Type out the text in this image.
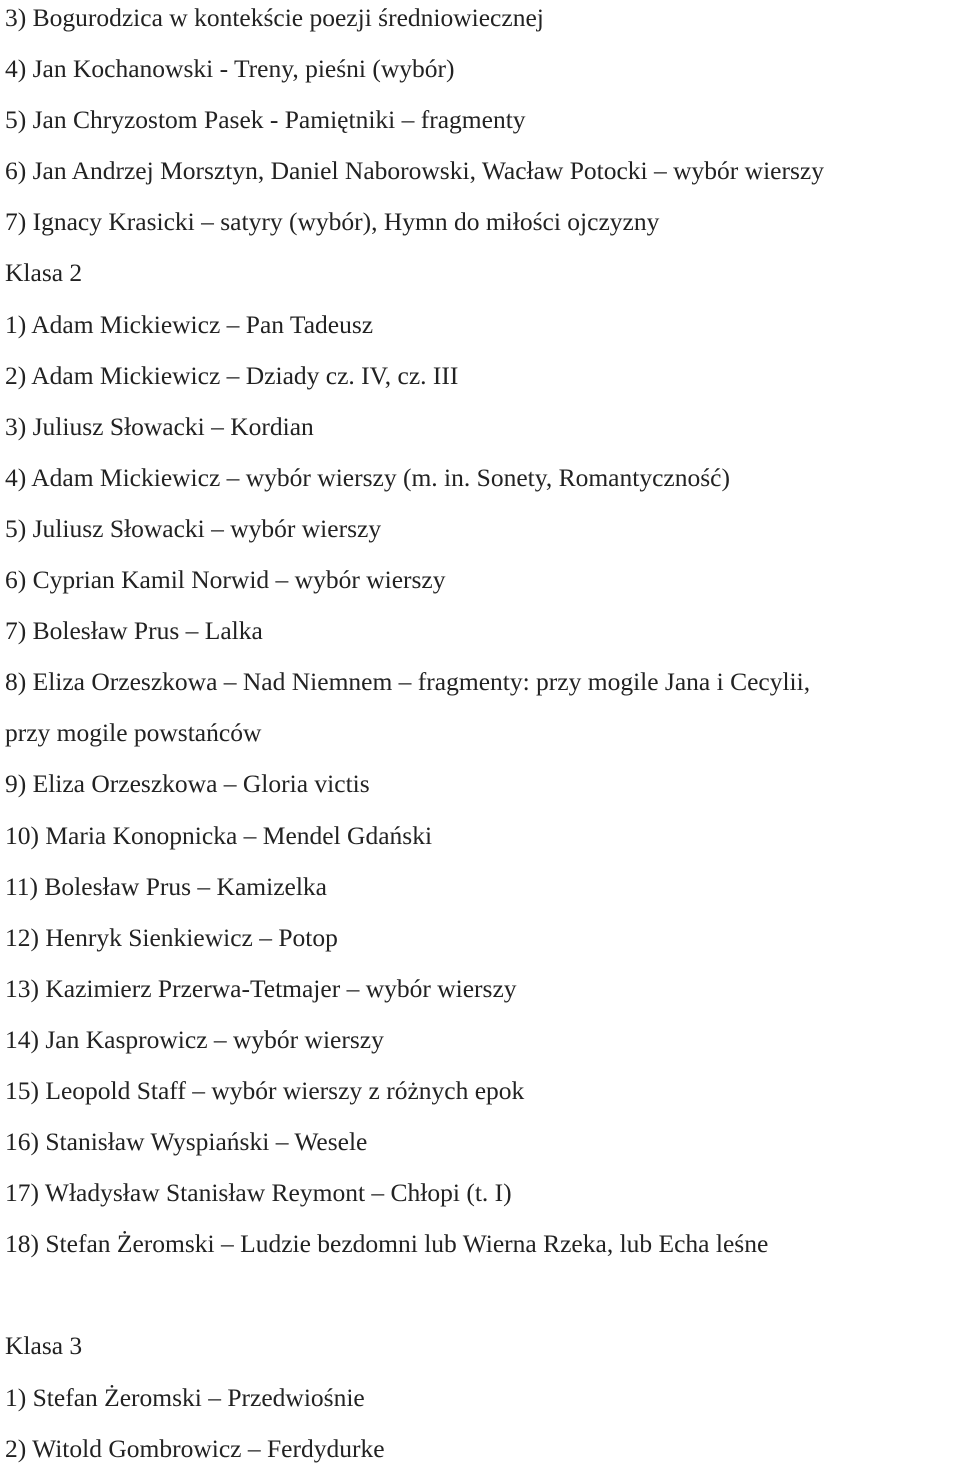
3) Bogurodzica w kontekście poezji średniowiecznej
4) Jan Kochanowski - Treny, pieśni (wybór)
5) Jan Chryzostom Pasek - Pamiętniki – fragmenty
6) Jan Andrzej Morsztyn, Daniel Naborowski, Wacław Potocki – wybór wierszy
7) Ignacy Krasicki – satyry (wybór), Hymn do miłości ojczyzny
Klasa 2
1) Adam Mickiewicz – Pan Tadeusz
2) Adam Mickiewicz – Dziady cz. IV, cz. III
3) Juliusz Słowacki – Kordian
4) Adam Mickiewicz – wybór wierszy (m. in. Sonety, Romantyczność)
5) Juliusz Słowacki – wybór wierszy
6) Cyprian Kamil Norwid – wybór wierszy
7) Bolesław Prus – Lalka
8) Eliza Orzeszkowa – Nad Niemnem – fragmenty: przy mogile Jana i Cecylii,
przy mogile powstańców
9) Eliza Orzeszkowa – Gloria victis
10) Maria Konopnicka – Mendel Gdański
11) Bolesław Prus – Kamizelka
12) Henryk Sienkiewicz – Potop
13) Kazimierz Przerwa-Tetmajer – wybór wierszy
14) Jan Kasprowicz – wybór wierszy
15) Leopold Staff – wybór wierszy z różnych epok
16) Stanisław Wyspiański – Wesele
17) Władysław Stanisław Reymont – Chłopi (t. I)
18) Stefan Żeromski – Ludzie bezdomni lub Wierna Rzeka, lub Echa leśne
Klasa 3
1) Stefan Żeromski – Przedwiośnie
2) Witold Gombrowicz – Ferdydurke
